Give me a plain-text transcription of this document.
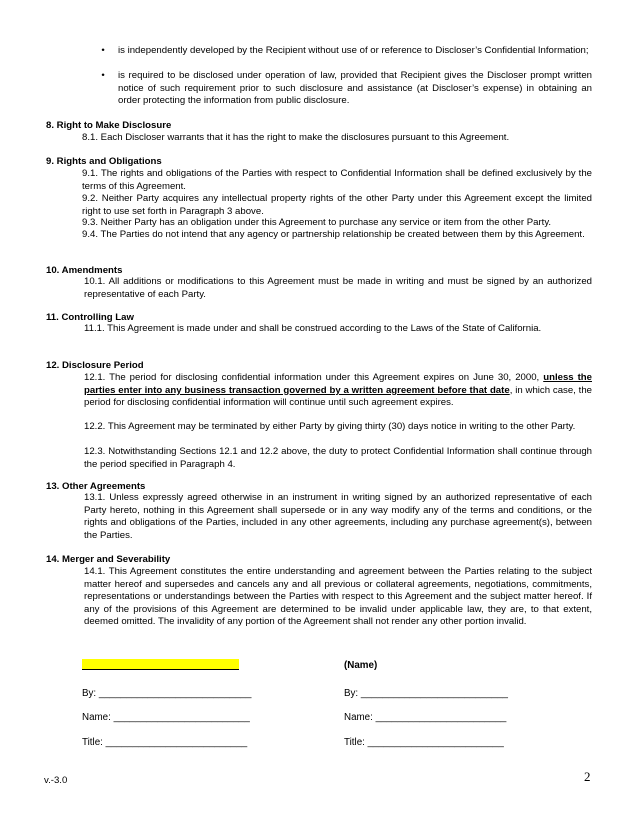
•	is independently developed by the Recipient without use of or reference to Discloser’s Confidential Information;
•	is required to be disclosed under operation of law, provided that Recipient gives the Discloser prompt written notice of such requirement prior to such disclosure and assistance (at Discloser’s expense) in obtaining an order protecting the information from public disclosure.
8. Right to Make Disclosure
8.1. Each Discloser warrants that it has the right to make the disclosures pursuant to this Agreement.
9. Rights and Obligations
9.1. The rights and obligations of the Parties with respect to Confidential Information shall be defined exclusively by the terms of this Agreement.
9.2. Neither Party acquires any intellectual property rights of the other Party under this Agreement except the limited right to use set forth in Paragraph 3 above.
9.3. Neither Party has an obligation under this Agreement to purchase any service or item from the other Party.
9.4. The Parties do not intend that any agency or partnership relationship be created between them by this Agreement.
10. Amendments
10.1. All additions or modifications to this Agreement must be made in writing and must be signed by an authorized representative of each Party.
11. Controlling Law
11.1. This Agreement is made under and shall be construed according to the Laws of the State of California.
12. Disclosure Period
12.1. The period for disclosing confidential information under this Agreement expires on June 30, 2000, unless the parties enter into any business transaction governed by a written agreement before that date, in which case, the period for disclosing confidential information will continue until such agreement expires.
12.2. This Agreement may be terminated by either Party by giving thirty (30) days notice in writing to the other Party.
12.3. Notwithstanding Sections 12.1 and 12.2 above, the duty to protect Confidential Information shall continue through the period specified in Paragraph 4.
13. Other Agreements
13.1. Unless expressly agreed otherwise in an instrument in writing signed by an authorized representative of each Party hereto, nothing in this Agreement shall supersede or in any way modify any of the terms and conditions, or the rights and obligations of the Parties, included in any other agreements, including any purchase agreement(s), between the Parties.
14. Merger and Severability
14.1. This Agreement constitutes the entire understanding and agreement between the Parties relating to the subject matter hereof and supersedes and cancels any and all previous or collateral agreements, negotiations, commitments, representations or understandings between the Parties with respect to this Agreement and the subject matter hereof. If any of the provisions of this Agreement are determined to be invalid under applicable law, they are, to that extent, deemed omitted. The invalidity of any portion of the Agreement shall not render any other portion invalid.
(Name)
By: ____________________________	By: ___________________________
Name: _________________________	Name: ________________________
Title: __________________________	Title: _________________________
v.-3.0	2
